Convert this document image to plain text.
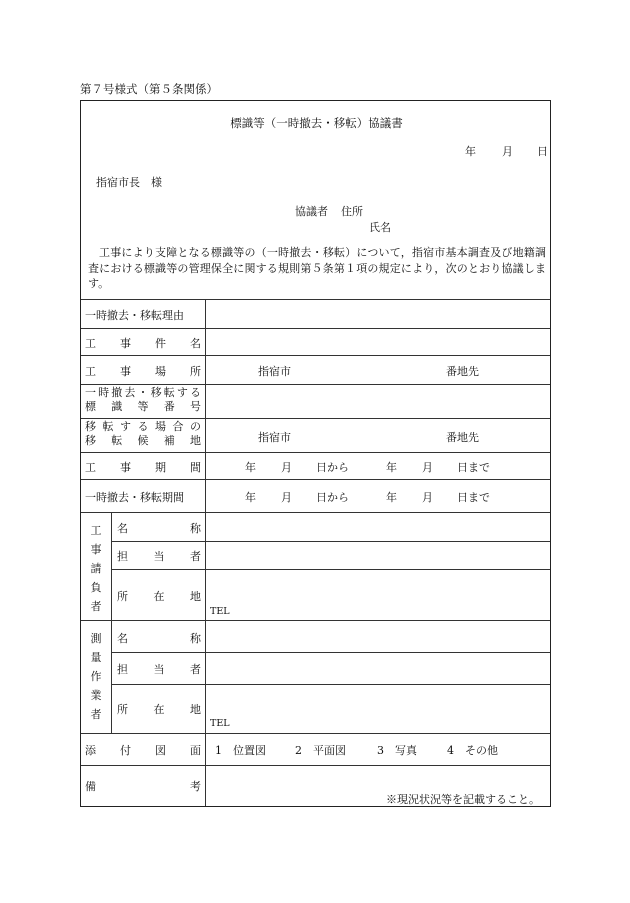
第７号様式（第５条関係）
標識等（一時撤去・移転）協議書
年 月 日
指宿市長　様
協議者 住所
氏名
工事により支障となる標識等の（一時撤去・移転）について，指宿市基本調査及び地籍調査における標識等の管理保全に関する規則第５条第１項の規定により，次のとおり協議します。
一時撤去・移転理由
工 事 件 名
工 事 場 所	指宿市	番地先
一 時 撤 去 ・ 移 転 す る
標 識 等 番 号
移 転 す る 場 合 の
移 転 候 補 地	指宿市	番地先
工 事 期 間	年 月 日から	年 月 日まで
一時撤去・移転期間	年 月 日から	年 月 日まで
工
事
請
負
者
名	称
担 当 者
所 在 地
TEL
測
量
作
業
者
名	称
担 当 者
所 在 地
TEL
添 付 図 面 1　位置図	2　平面図	3　写真	4　その他
備	考
※現況状況等を記載すること。
